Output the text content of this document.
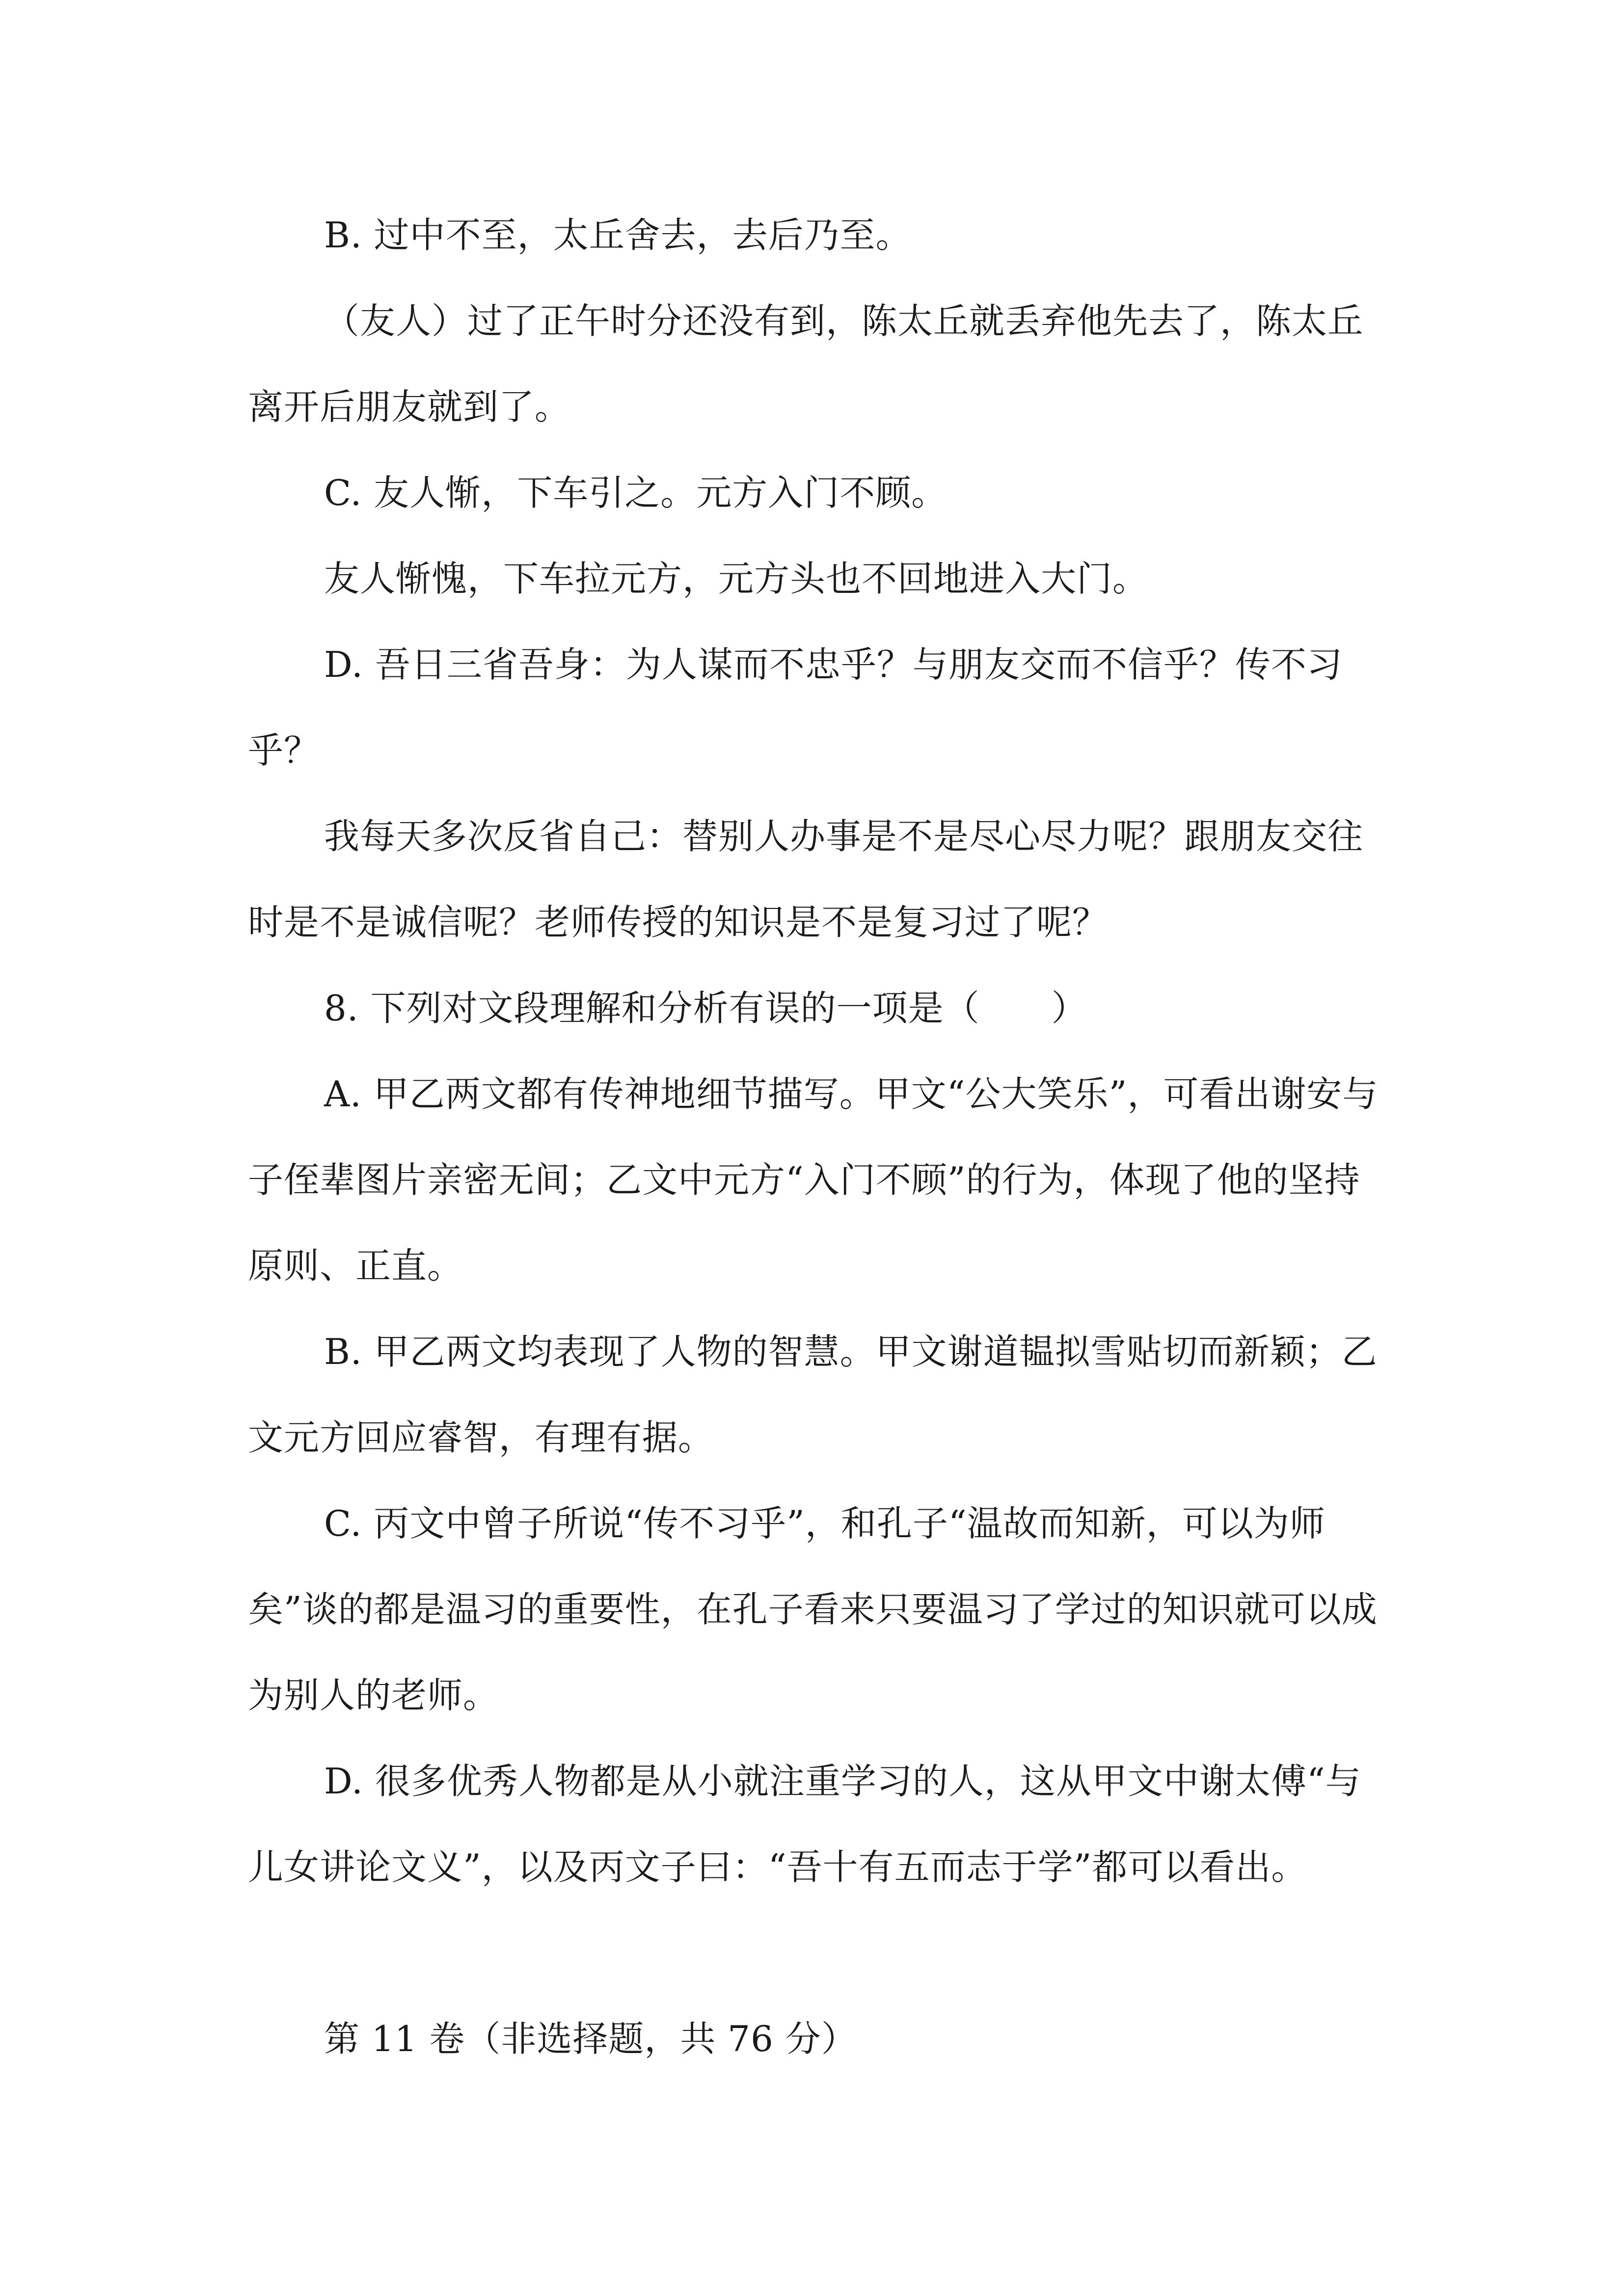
B. 过中不至，太丘舍去，去后乃至。

（友人）过了正午时分还没有到，陈太丘就丢弃他先去了，陈太丘离开后朋友就到了。

C. 友人惭，下车引之。元方入门不顾。

友人惭愧，下车拉元方，元方头也不回地进入大门。

D. 吾日三省吾身：为人谋而不忠乎？与朋友交而不信乎？传不习乎？

我每天多次反省自己：替别人办事是不是尽心尽力呢？跟朋友交往时是不是诚信呢？老师传授的知识是不是复习过了呢？

8. 下列对文段理解和分析有误的一项是（　　）

A. 甲乙两文都有传神地细节描写。甲文“公大笑乐”，可看出谢安与子侄辈图片亲密无间；乙文中元方“入门不顾”的行为，体现了他的坚持原则、正直。

B. 甲乙两文均表现了人物的智慧。甲文谢道韫拟雪贴切而新颖；乙文元方回应睿智，有理有据。

C. 丙文中曾子所说“传不习乎”，和孔子“温故而知新，可以为师矣”谈的都是温习的重要性，在孔子看来只要温习了学过的知识就可以成为别人的老师。

D. 很多优秀人物都是从小就注重学习的人，这从甲文中谢太傅“与儿女讲论文义”，以及丙文子曰：“吾十有五而志于学”都可以看出。

第 11 卷（非选择题，共 76 分）
